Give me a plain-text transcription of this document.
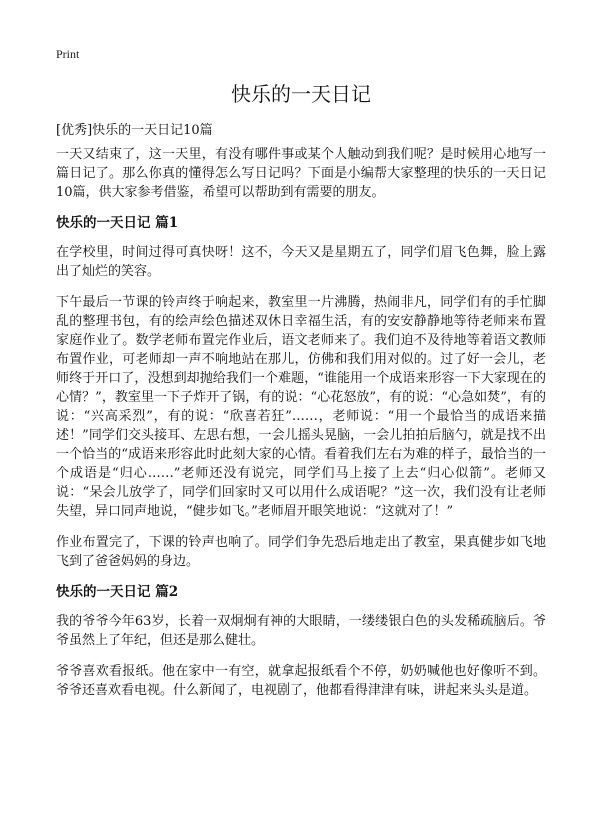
Print
快乐的一天日记
[优秀]快乐的一天日记10篇

一天又结束了，这一天里，有没有哪件事或某个人触动到我们呢？是时候用心地写一篇日记了。那么你真的懂得怎么写日记吗？下面是小编帮大家整理的快乐的一天日记10篇，供大家参考借鉴，希望可以帮助到有需要的朋友。

快乐的一天日记 篇1

在学校里，时间过得可真快呀！这不，今天又是星期五了，同学们眉飞色舞，脸上露出了灿烂的笑容。

下午最后一节课的铃声终于响起来，教室里一片沸腾，热闹非凡，同学们有的手忙脚乱的整理书包，有的绘声绘色描述双休日幸福生活，有的安安静静地等待老师来布置家庭作业了。数学老师布置完作业后，语文老师来了。我们迫不及待地等着语文教师布置作业，可老师却一声不响地站在那儿，仿佛和我们用对似的。过了好一会儿，老师终于开口了，没想到却抛给我们一个难题，“谁能用一个成语来形容一下大家现在的心情？”，教室里一下子炸开了锅，有的说：“心花怒放”，有的说：“心急如焚”，有的说：“兴高采烈”，有的说：“欣喜若狂”……，老师说：“用一个最恰当的成语来描述！”同学们交头接耳、左思右想，一会儿摇头晃脑，一会儿拍拍后脑勺，就是找不出一个恰当的“成语来形容此时此刻大家的心情。看着我们左右为难的样子，最恰当的一个成语是“归心……”老师还没有说完，同学们马上接了上去“归心似箭”。老师又说：“呆会儿放学了，同学们回家时又可以用什么成语呢？”这一次，我们没有让老师失望，异口同声地说，“健步如飞。”老师眉开眼笑地说：“这就对了！”

作业布置完了，下课的铃声也响了。同学们争先恐后地走出了教室，果真健步如飞地飞到了爸爸妈妈的身边。

快乐的一天日记 篇2

我的爷爷今年63岁，长着一双炯炯有神的大眼睛，一缕缕银白色的头发稀疏脑后。爷爷虽然上了年纪，但还是那么健壮。

爷爷喜欢看报纸。他在家中一有空，就拿起报纸看个不停，奶奶喊他也好像听不到。爷爷还喜欢看电视。什么新闻了，电视剧了，他都看得津津有味，讲起来头头是道。
